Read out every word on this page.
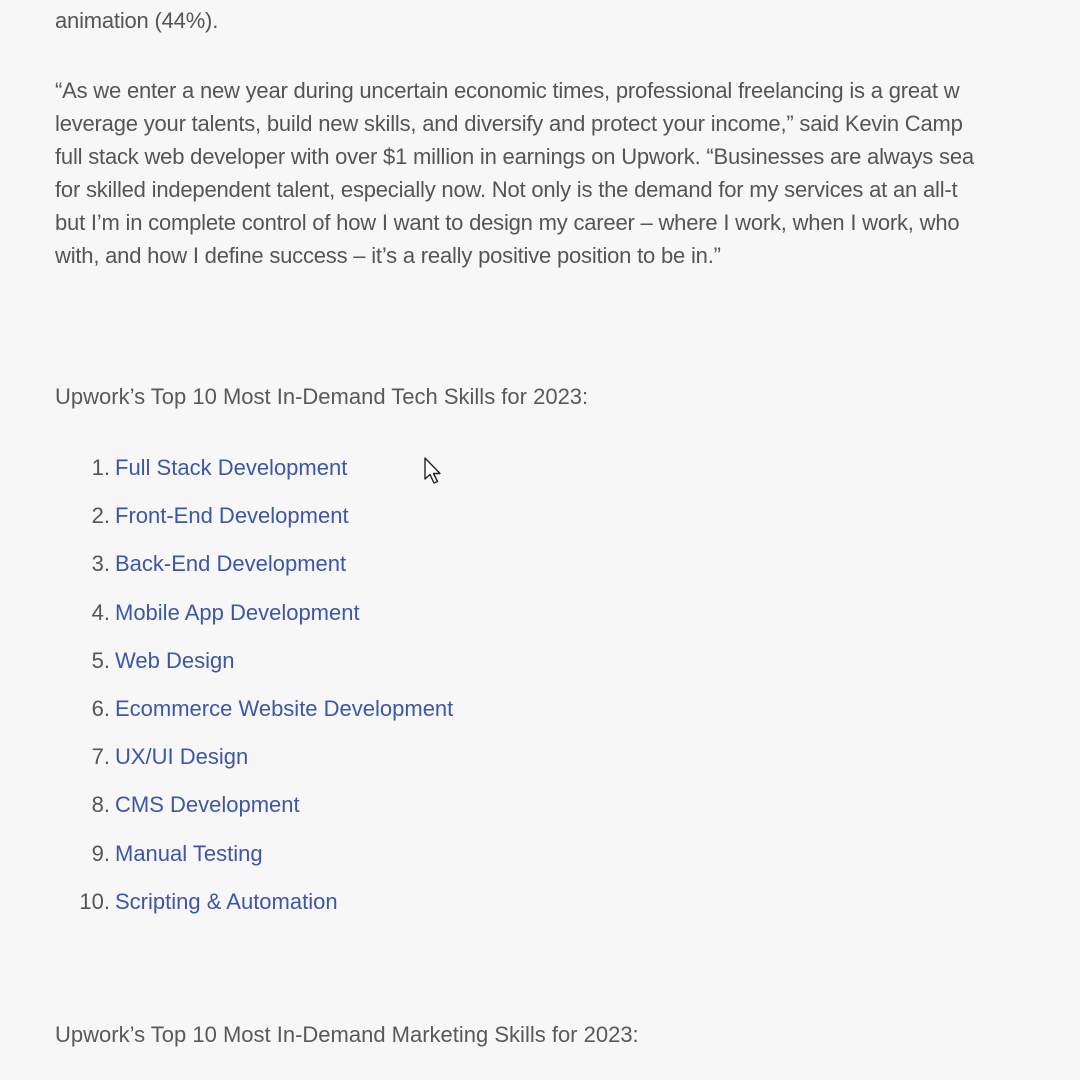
animation (44%).
“As we enter a new year during uncertain economic times, professional freelancing is a great w
leverage your talents, build new skills, and diversify and protect your income,” said Kevin Camp
full stack web developer with over $1 million in earnings on Upwork. “Businesses are always sea
for skilled independent talent, especially now. Not only is the demand for my services at an all-t
but I’m in complete control of how I want to design my career – where I work, when I work, who
with, and how I define success – it’s a really positive position to be in.”
Upwork’s Top 10 Most In-Demand Tech Skills for 2023:
1. Full Stack Development
2. Front-End Development
3. Back-End Development
4. Mobile App Development
5. Web Design
6. Ecommerce Website Development
7. UX/UI Design
8. CMS Development
9. Manual Testing
10. Scripting & Automation
Upwork’s Top 10 Most In-Demand Marketing Skills for 2023:
